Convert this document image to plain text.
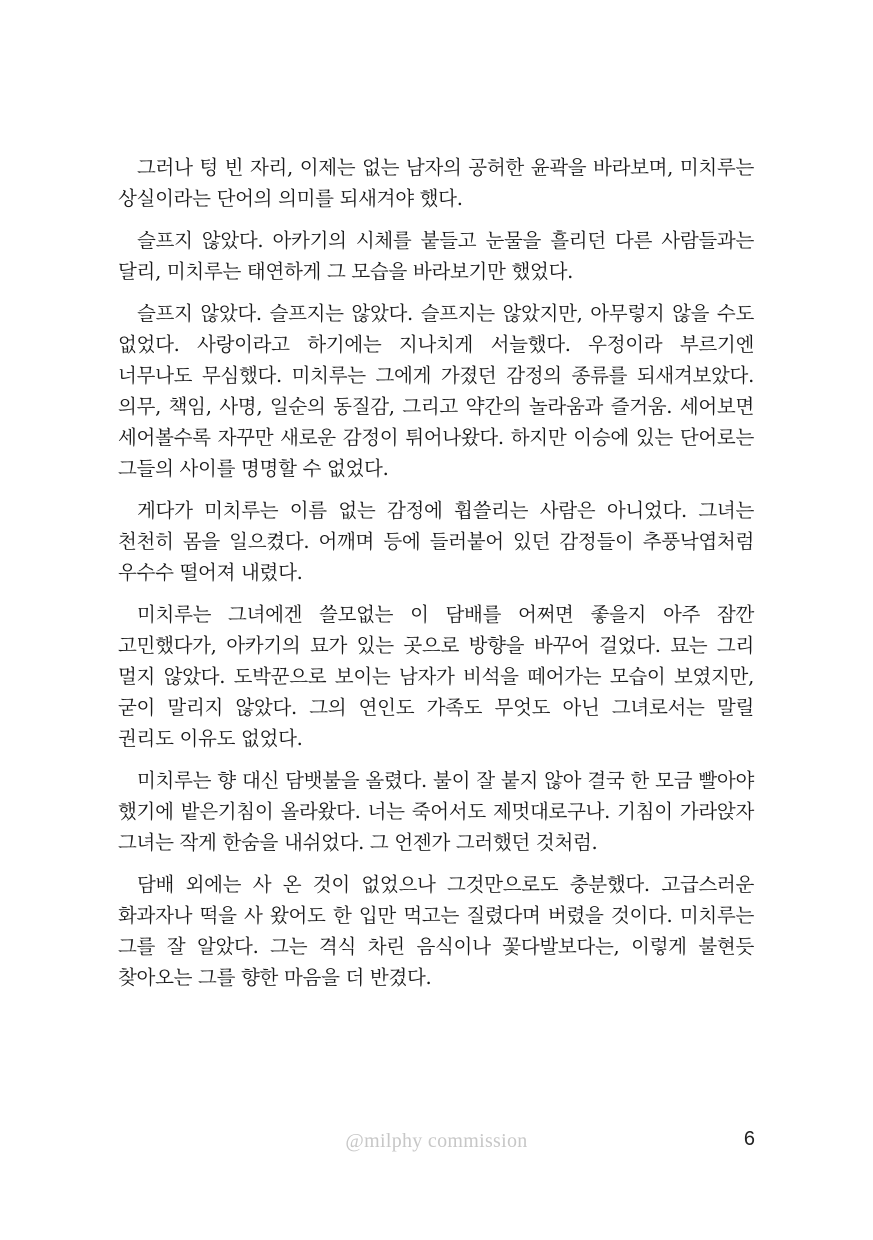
그러나 텅 빈 자리, 이제는 없는 남자의 공허한 윤곽을 바라보며, 미치루는 상실이라는 단어의 의미를 되새겨야 했다.

슬프지 않았다. 아카기의 시체를 붙들고 눈물을 흘리던 다른 사람들과는 달리, 미치루는 태연하게 그 모습을 바라보기만 했었다.

슬프지 않았다. 슬프지는 않았다. 슬프지는 않았지만, 아무렇지 않을 수도 없었다. 사랑이라고 하기에는 지나치게 서늘했다. 우정이라 부르기엔 너무나도 무심했다. 미치루는 그에게 가졌던 감정의 종류를 되새겨보았다. 의무, 책임, 사명, 일순의 동질감, 그리고 약간의 놀라움과 즐거움. 세어보면 세어볼수록 자꾸만 새로운 감정이 튀어나왔다. 하지만 이승에 있는 단어로는 그들의 사이를 명명할 수 없었다.

게다가 미치루는 이름 없는 감정에 휩쓸리는 사람은 아니었다. 그녀는 천천히 몸을 일으켰다. 어깨며 등에 들러붙어 있던 감정들이 추풍낙엽처럼 우수수 떨어져 내렸다.

미치루는 그녀에겐 쓸모없는 이 담배를 어쩌면 좋을지 아주 잠깐 고민했다가, 아카기의 묘가 있는 곳으로 방향을 바꾸어 걸었다. 묘는 그리 멀지 않았다. 도박꾼으로 보이는 남자가 비석을 떼어가는 모습이 보였지만, 굳이 말리지 않았다. 그의 연인도 가족도 무엇도 아닌 그녀로서는 말릴 권리도 이유도 없었다.

미치루는 향 대신 담뱃불을 올렸다. 불이 잘 붙지 않아 결국 한 모금 빨아야 했기에 밭은기침이 올라왔다. 너는 죽어서도 제멋대로구나. 기침이 가라앉자 그녀는 작게 한숨을 내쉬었다. 그 언젠가 그러했던 것처럼.

담배 외에는 사 온 것이 없었으나 그것만으로도 충분했다. 고급스러운 화과자나 떡을 사 왔어도 한 입만 먹고는 질렸다며 버렸을 것이다. 미치루는 그를 잘 알았다. 그는 격식 차린 음식이나 꽃다발보다는, 이렇게 불현듯 찾아오는 그를 향한 마음을 더 반겼다.

@milphy commission	6
